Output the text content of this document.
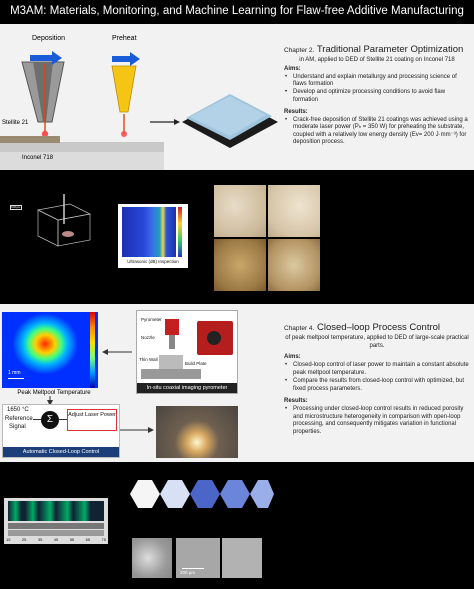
M3AM: Materials, Monitoring, and Machine Learning for Flaw-free Additive Manufacturing
Deposition	Preheat
Stellite 21
Inconel 718
Chapter 2. Traditional Parameter Optimization
in AM, applied to DED of Stellite 21 coating on Inconel 718
Aims:
• Understand and explain metallurgy and processing science of flaws formation
• Develop and optimize processing conditions to avoid flaw formation
Results:
• Crack-free deposition of Stellite 21 coatings was achieved using a moderate laser power (Pₕ = 350 W) for preheating the substrate, coupled with a relatively low energy density (Ev= 200 J·mm⁻³) for deposition process.
100µm
Ultrasonic (dB) Inspection
1 mm
Peak Meltpool Temperature
Pyrometer
Nozzle
Thin Wall
Build Plate
In-situ coaxial imaging pyrometer
1650 °C
Reference
Signal
Σ	Adjust Laser Power
Automatic Closed-Loop Control
Chapter 4. Closed–loop Process Control
of peak meltpool temperature, applied to DED of large-scale practical parts.
Aims:
• Closed-loop control of laser power to maintain a constant absolute peak meltpool temperature.
• Compare the results from closed-loop control with optimized, but fixed process parameters.
Results:
• Processing under closed-loop control results in reduced porosity and microstructure heterogeneity in comparison with open-loop processing, and consequently mitigates variation in functional properties.
15	25	35	45	55	65	75
200 µm
